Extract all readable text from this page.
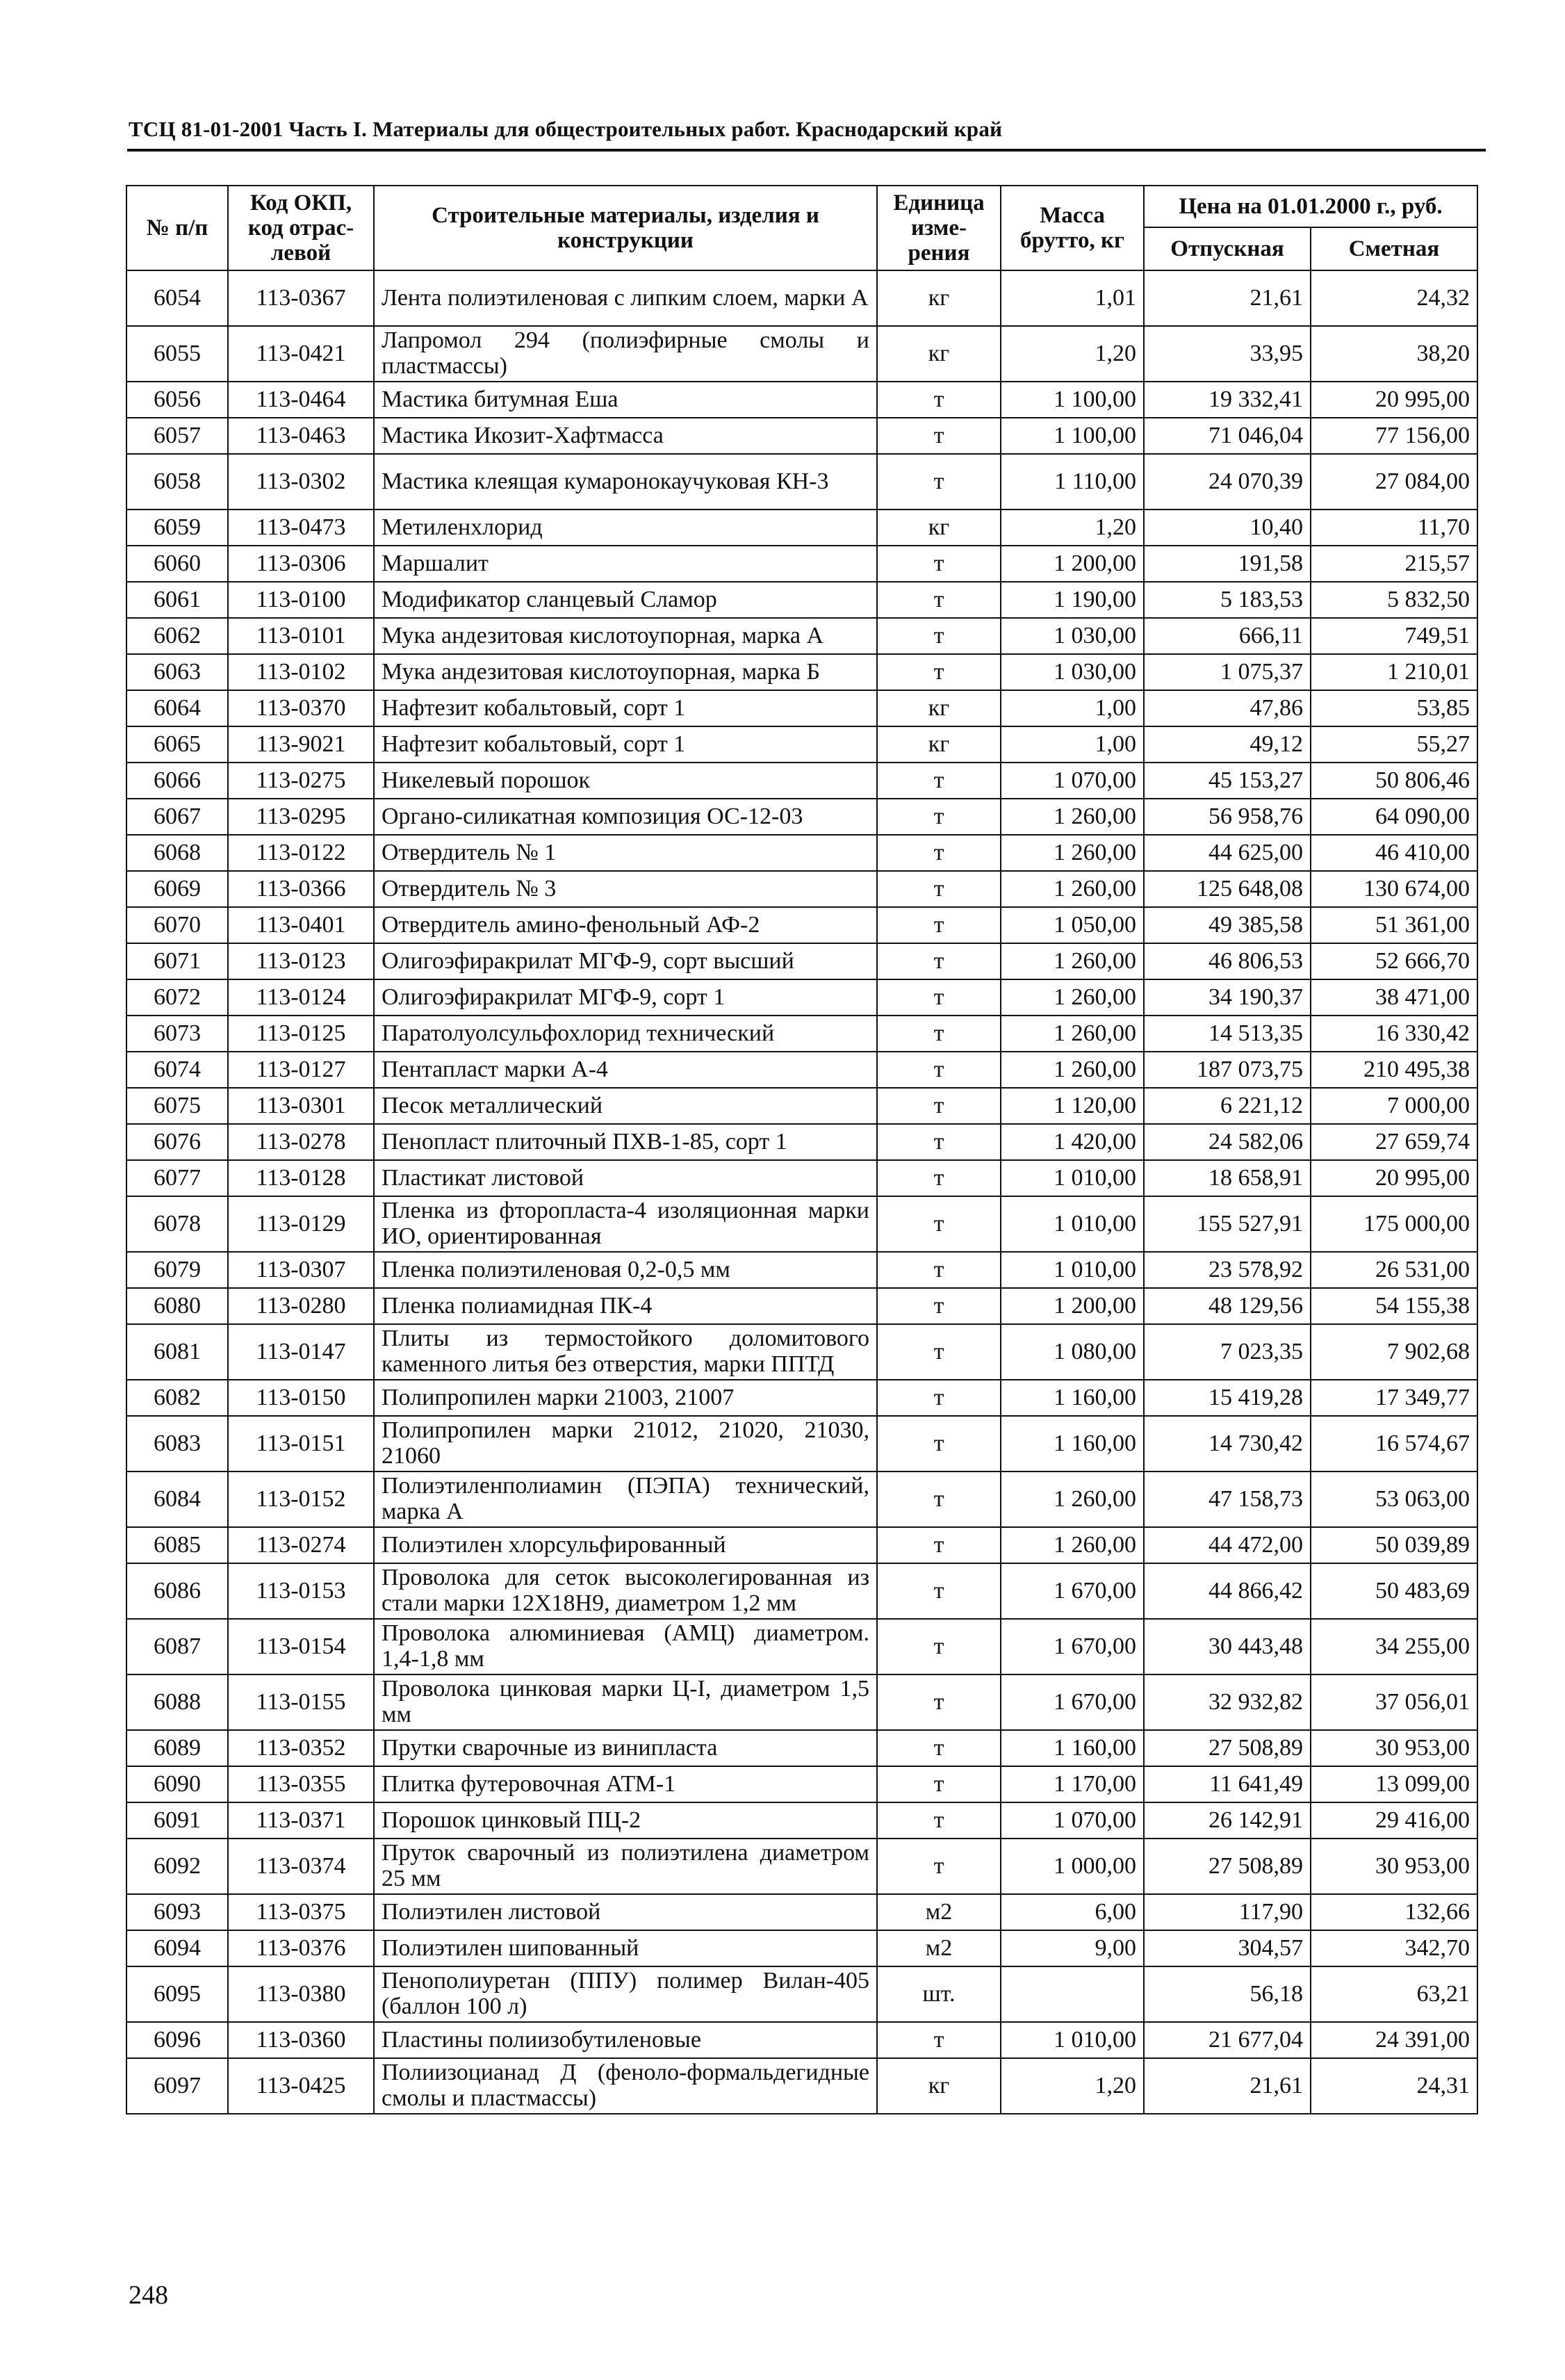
ТСЦ 81-01-2001 Часть I. Материалы для общестроительных работ. Краснодарский край
№ п/п	Код ОКП, код отрас-левой	Строительные материалы, изделия и конструкции	Единица изме-рения	Масса брутто, кг	Цена на 01.01.2000 г., руб.	
					Отпускная	Сметная
6054	113-0367	Лента полиэтиленовая с липким слоем, марки А	кг	1,01	21,61	24,32
6055	113-0421	Лапромол 294 (полиэфирные смолы и пластмассы)	кг	1,20	33,95	38,20
6056	113-0464	Мастика битумная Еша	т	1 100,00	19 332,41	20 995,00
6057	113-0463	Мастика Икозит-Хафтмасса	т	1 100,00	71 046,04	77 156,00
6058	113-0302	Мастика клеящая кумаронокаучуковая КН-3	т	1 110,00	24 070,39	27 084,00
6059	113-0473	Метиленхлорид	кг	1,20	10,40	11,70
6060	113-0306	Маршалит	т	1 200,00	191,58	215,57
6061	113-0100	Модификатор сланцевый Сламор	т	1 190,00	5 183,53	5 832,50
6062	113-0101	Мука андезитовая кислотоупорная, марка А	т	1 030,00	666,11	749,51
6063	113-0102	Мука андезитовая кислотоупорная, марка Б	т	1 030,00	1 075,37	1 210,01
6064	113-0370	Нафтезит кобальтовый, сорт 1	кг	1,00	47,86	53,85
6065	113-9021	Нафтезит кобальтовый, сорт 1	кг	1,00	49,12	55,27
6066	113-0275	Никелевый порошок	т	1 070,00	45 153,27	50 806,46
6067	113-0295	Органо-силикатная композиция ОС-12-03	т	1 260,00	56 958,76	64 090,00
6068	113-0122	Отвердитель № 1	т	1 260,00	44 625,00	46 410,00
6069	113-0366	Отвердитель № 3	т	1 260,00	125 648,08	130 674,00
6070	113-0401	Отвердитель амино-фенольный АФ-2	т	1 050,00	49 385,58	51 361,00
6071	113-0123	Олигоэфиракрилат МГФ-9, сорт высший	т	1 260,00	46 806,53	52 666,70
6072	113-0124	Олигоэфиракрилат МГФ-9, сорт 1	т	1 260,00	34 190,37	38 471,00
6073	113-0125	Паратолуолсульфохлорид технический	т	1 260,00	14 513,35	16 330,42
6074	113-0127	Пентапласт марки А-4	т	1 260,00	187 073,75	210 495,38
6075	113-0301	Песок металлический	т	1 120,00	6 221,12	7 000,00
6076	113-0278	Пенопласт плиточный ПХВ-1-85, сорт 1	т	1 420,00	24 582,06	27 659,74
6077	113-0128	Пластикат листовой	т	1 010,00	18 658,91	20 995,00
6078	113-0129	Пленка из фторопласта-4 изоляционная марки ИО, ориентированная	т	1 010,00	155 527,91	175 000,00
6079	113-0307	Пленка полиэтиленовая 0,2-0,5 мм	т	1 010,00	23 578,92	26 531,00
6080	113-0280	Пленка полиамидная ПК-4	т	1 200,00	48 129,56	54 155,38
6081	113-0147	Плиты из термостойкого доломитового каменного литья без отверстия, марки ППТД	т	1 080,00	7 023,35	7 902,68
6082	113-0150	Полипропилен марки 21003, 21007	т	1 160,00	15 419,28	17 349,77
6083	113-0151	Полипропилен марки 21012, 21020, 21030, 21060	т	1 160,00	14 730,42	16 574,67
6084	113-0152	Полиэтиленполиамин (ПЭПА) технический, марка А	т	1 260,00	47 158,73	53 063,00
6085	113-0274	Полиэтилен хлорсульфированный	т	1 260,00	44 472,00	50 039,89
6086	113-0153	Проволока для сеток высоколегированная из стали марки 12Х18Н9, диаметром 1,2 мм	т	1 670,00	44 866,42	50 483,69
6087	113-0154	Проволока алюминиевая (АМЦ) диаметром. 1,4-1,8 мм	т	1 670,00	30 443,48	34 255,00
6088	113-0155	Проволока цинковая марки Ц-I, диаметром 1,5 мм	т	1 670,00	32 932,82	37 056,01
6089	113-0352	Прутки сварочные из винипласта	т	1 160,00	27 508,89	30 953,00
6090	113-0355	Плитка футеровочная АТМ-1	т	1 170,00	11 641,49	13 099,00
6091	113-0371	Порошок цинковый ПЦ-2	т	1 070,00	26 142,91	29 416,00
6092	113-0374	Пруток сварочный из полиэтилена диаметром 25 мм	т	1 000,00	27 508,89	30 953,00
6093	113-0375	Полиэтилен листовой	м2	6,00	117,90	132,66
6094	113-0376	Полиэтилен шипованный	м2	9,00	304,57	342,70
6095	113-0380	Пенополиуретан (ППУ) полимер Вилан-405 (баллон 100 л)	шт.		56,18	63,21
6096	113-0360	Пластины полиизобутиленовые	т	1 010,00	21 677,04	24 391,00
6097	113-0425	Полиизоцианад Д (феноло-формальдегидные смолы и пластмассы)	кг	1,20	21,61	24,31
248
